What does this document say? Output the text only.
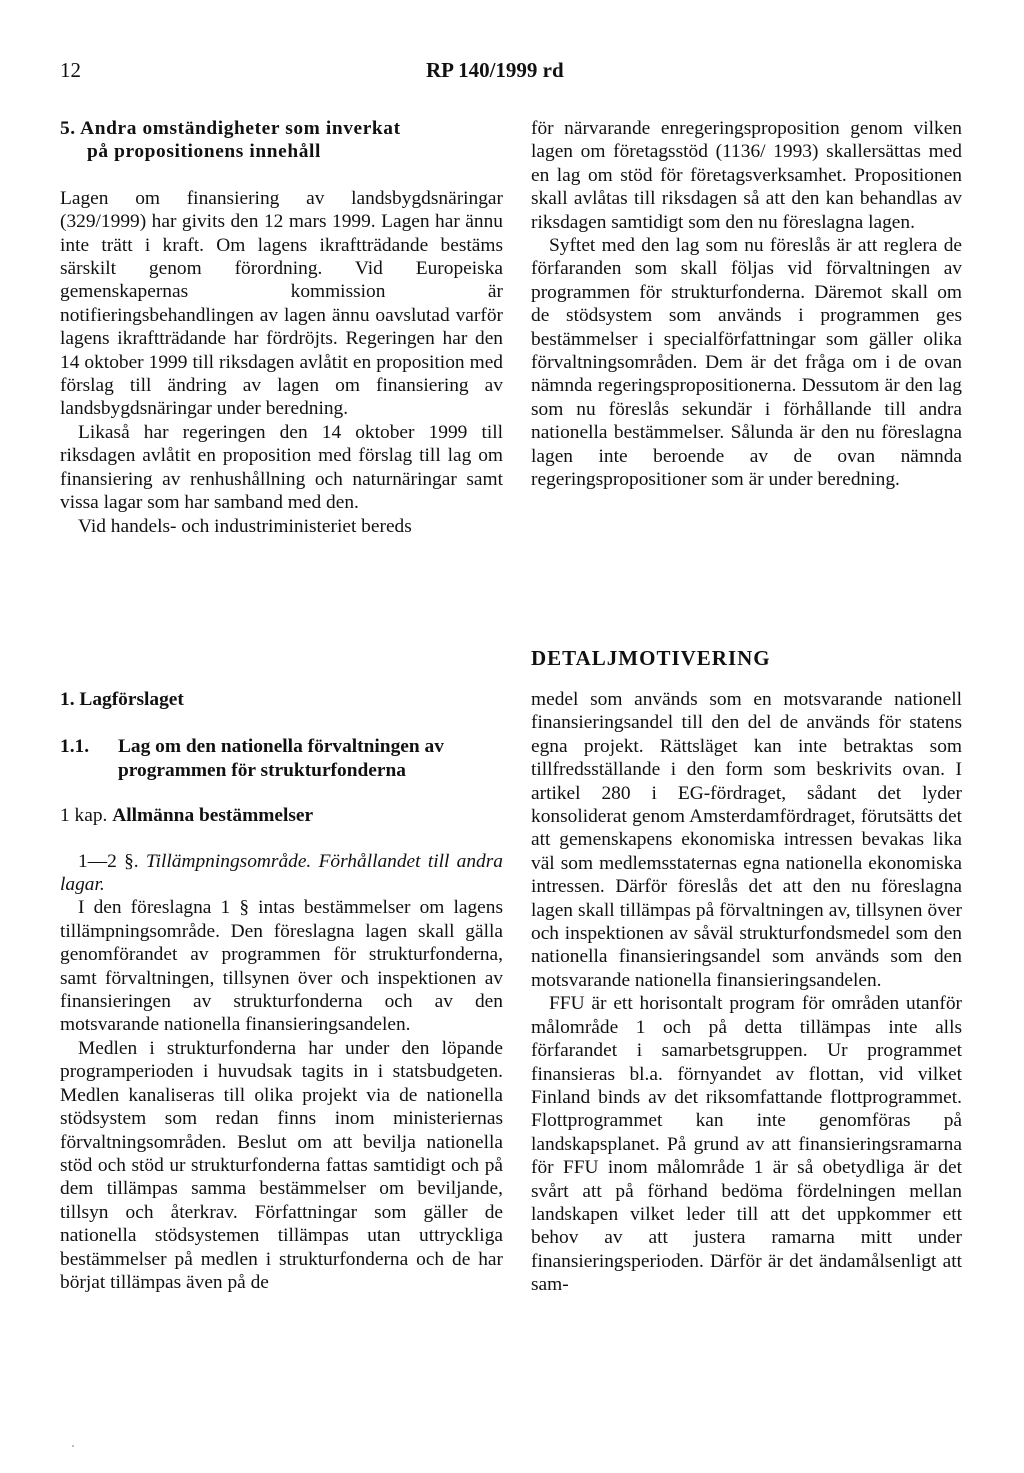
12	RP 140/1999 rd
5. Andra omständigheter som inverkat
på propositionens innehåll

Lagen om finansiering av landsbygdsnäringar (329/1999) har givits den 12 mars 1999. Lagen har ännu inte trätt i kraft. Om lagens ikraftträdande bestäms särskilt genom förordning. Vid Europeiska gemenskapernas kommission är notifieringsbehandlingen av lagen ännu oavslutad varför lagens ikraftträdande har fördröjts. Regeringen har den 14 oktober 1999 till riksdagen avlåtit en proposition med förslag till ändring av lagen om finansiering av landsbygdsnäringar under beredning.

Likaså har regeringen den 14 oktober 1999 till riksdagen avlåtit en proposition med förslag till lag om finansiering av renhushållning och naturnäringar samt vissa lagar som har samband med den.

Vid handels- och industriministeriet bereds

för närvarande enregeringsproposition genom vilken lagen om företagsstöd (1136/ 1993) skallersättas med en lag om stöd för företagsverksamhet. Propositionen skall avlåtas till riksdagen så att den kan behandlas av riksdagen samtidigt som den nu föreslagna lagen.

Syftet med den lag som nu föreslås är att reglera de förfaranden som skall följas vid förvaltningen av programmen för strukturfonderna. Däremot skall om de stödsystem som används i programmen ges bestämmelser i specialförfattningar som gäller olika förvaltningsområden. Dem är det fråga om i de ovan nämnda regeringspropositionerna. Dessutom är den lag som nu föreslås sekundär i förhållande till andra nationella bestämmelser. Sålunda är den nu föreslagna lagen inte beroende av de ovan nämnda regeringspropositioner som är under beredning.

DETALJMOTIVERING
1. Lagförslaget
1.1.	Lag om den nationella förvaltningen av programmen för strukturfonderna
1 kap. Allmänna bestämmelser

1—2 §. Tillämpningsområde. Förhållandet till andra lagar.

I den föreslagna 1 § intas bestämmelser om lagens tillämpningsområde. Den föreslagna lagen skall gälla genomförandet av programmen för strukturfonderna, samt förvaltningen, tillsynen över och inspektionen av finansieringen av strukturfonderna och av den motsvarande nationella finansieringsandelen.

Medlen i strukturfonderna har under den löpande programperioden i huvudsak tagits in i statsbudgeten. Medlen kanaliseras till olika projekt via de nationella stödsystem som redan finns inom ministeriernas förvaltningsområden. Beslut om att bevilja nationella stöd och stöd ur strukturfonderna fattas samtidigt och på dem tillämpas samma bestämmelser om beviljande, tillsyn och återkrav. Författningar som gäller de nationella stödsystemen tillämpas utan uttryckliga bestämmelser på medlen i strukturfonderna och de har börjat tillämpas även på de

medel som används som en motsvarande nationell finansieringsandel till den del de används för statens egna projekt. Rättsläget kan inte betraktas som tillfredsställande i den form som beskrivits ovan. I artikel 280 i EG-fördraget, sådant det lyder konsoliderat genom Amsterdamfördraget, förutsätts det att gemenskapens ekonomiska intressen bevakas lika väl som medlemsstaternas egna nationella ekonomiska intressen. Därför föreslås det att den nu föreslagna lagen skall tillämpas på förvaltningen av, tillsynen över och inspektionen av såväl strukturfondsmedel som den nationella finansieringsandel som används som den motsvarande nationella finansieringsandelen.

FFU är ett horisontalt program för områden utanför målområde 1 och på detta tillämpas inte alls förfarandet i samarbetsgruppen. Ur programmet finansieras bl.a. förnyandet av flottan, vid vilket Finland binds av det riksomfattande flottprogrammet. Flottprogrammet kan inte genomföras på landskapsplanet. På grund av att finansieringsramarna för FFU inom målområde 1 är så obetydliga är det svårt att på förhand bedöma fördelningen mellan landskapen vilket leder till att det uppkommer ett behov av att justera ramarna mitt under finansieringsperioden. Därför är det ändamålsenligt att sam-
